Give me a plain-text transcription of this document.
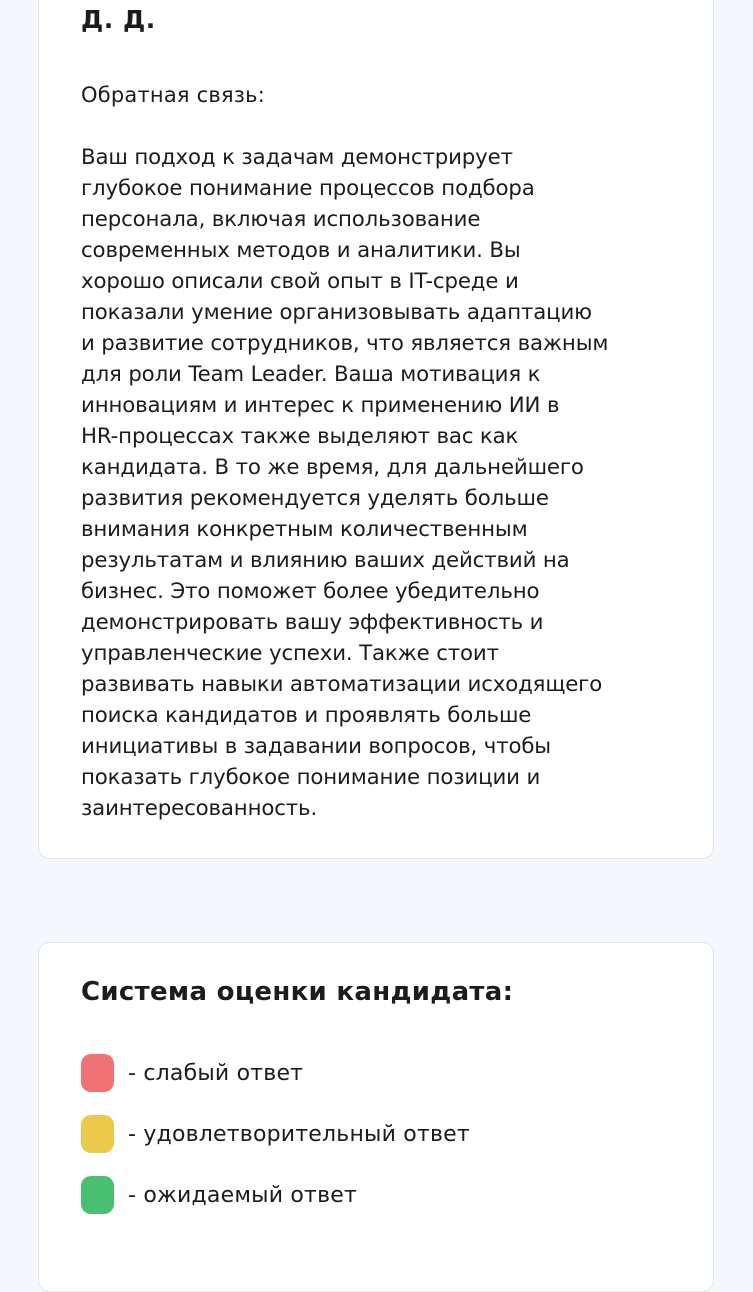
Д. Д.

Обратная связь:

Ваш подход к задачам демонстрирует
глубокое понимание процессов подбора
персонала, включая использование
современных методов и аналитики. Вы
хорошо описали свой опыт в IT-среде и
показали умение организовывать адаптацию
и развитие сотрудников, что является важным
для роли Team Leader. Ваша мотивация к
инновациям и интерес к применению ИИ в
HR-процессах также выделяют вас как
кандидата. В то же время, для дальнейшего
развития рекомендуется уделять больше
внимания конкретным количественным
результатам и влиянию ваших действий на
бизнес. Это поможет более убедительно
демонстрировать вашу эффективность и
управленческие успехи. Также стоит
развивать навыки автоматизации исходящего
поиска кандидатов и проявлять больше
инициативы в задавании вопросов, чтобы
показать глубокое понимание позиции и
заинтересованность.

Система оценки кандидата:
- слабый ответ
- удовлетворительный ответ
- ожидаемый ответ
